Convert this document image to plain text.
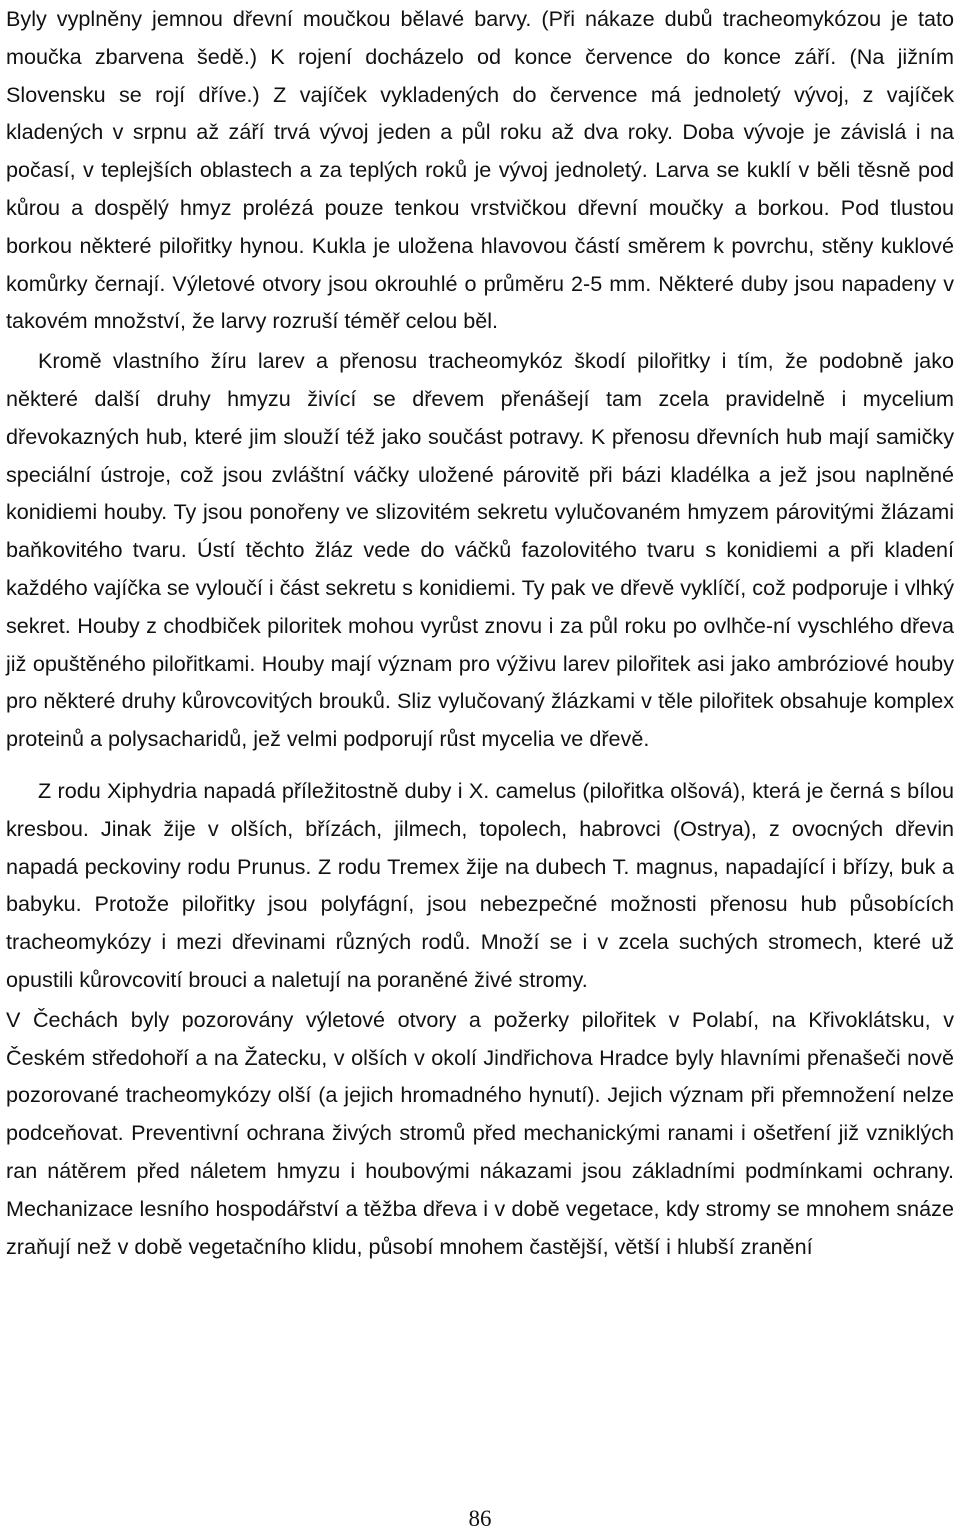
Byly vyplněny jemnou dřevní moučkou bělavé barvy. (Při nákaze dubů tracheomykózou je tato moučka zbarvena šedě.) K rojení docházelo od konce července do konce září. (Na jižním Slovensku se rojí dříve.) Z vajíček vykladených do července má jednoletý vývoj, z vajíček kladených v srpnu až září trvá vývoj jeden a půl roku až dva roky. Doba vývoje je závislá i na počasí, v teplejších oblastech a za teplých roků je vývoj jednoletý. Larva se kuklí v běli těsně pod kůrou a dospělý hmyz prolézá pouze tenkou vrstvičkou dřevní moučky a borkou. Pod tlustou borkou některé pilořitky hynou. Kukla je uložena hlavovou částí směrem k povrchu, stěny kuklové komůrky černají. Výletové otvory jsou okrouhlé o průměru 2-5 mm. Některé duby jsou napadeny v takovém množství, že larvy rozruší téměř celou běl.

Kromě vlastního žíru larev a přenosu tracheomykóz škodí pilořitky i tím, že podobně jako některé další druhy hmyzu živící se dřevem přenášejí tam zcela pravidelně i mycelium dřevokazných hub, které jim slouží též jako součást potravy. K přenosu dřevních hub mají samičky speciální ústroje, což jsou zvláštní váčky uložené párovitě při bázi kladélka a jež jsou naplněné konidiemi houby. Ty jsou ponořeny ve slizovitém sekretu vylučovaném hmyzem párovitými žlázami baňkovitého tvaru. Ústí těchto žláz vede do váčků fazolovitého tvaru s konidiemi a při kladení každého vajíčka se vyloučí i část sekretu s konidiemi. Ty pak ve dřevě vyklíčí, což podporuje i vlhký sekret. Houby z chodbiček piloritek mohou vyrůst znovu i za půl roku po ovlhče-ní vyschlého dřeva již opuštěného pilořitkami. Houby mají význam pro výživu larev pilořitek asi jako ambróziové houby pro některé druhy kůrovcovitých brouků. Sliz vylučovaný žlázkami v těle pilořitek obsahuje komplex proteinů a polysacharidů, jež velmi podporují růst mycelia ve dřevě.

Z rodu Xiphydria napadá příležitostně duby i X. camelus (pilořitka olšová), která je černá s bílou kresbou. Jinak žije v olších, břízách, jilmech, topolech, habrovci (Ostrya), z ovocných dřevin napadá peckoviny rodu Prunus. Z rodu Tremex žije na dubech T. magnus, napadající i břízy, buk a babyku. Protože pilořitky jsou polyfágní, jsou nebezpečné možnosti přenosu hub působících tracheomykózy i mezi dřevinami různých rodů. Množí se i v zcela suchých stromech, které už opustili kůrovcovití brouci a naletují na poraněné živé stromy.

V Čechách byly pozorovány výletové otvory a požerky pilořitek v Polabí, na Křivoklátsku, v Českém středohoří a na Žatecku, v olších v okolí Jindřichova Hradce byly hlavními přenašeči nově pozorované tracheomykózy olší (a jejich hromadného hynutí). Jejich význam při přemnožení nelze podceňovat. Preventivní ochrana živých stromů před mechanickými ranami i ošetření již vzniklých ran nátěrem před náletem hmyzu i houbovými nákazami jsou základními podmínkami ochrany. Mechanizace lesního hospodářství a těžba dřeva i v době vegetace, kdy stromy se mnohem snáze zraňují než v době vegetačního klidu, působí mnohem častější, větší i hlubší zranění

86
